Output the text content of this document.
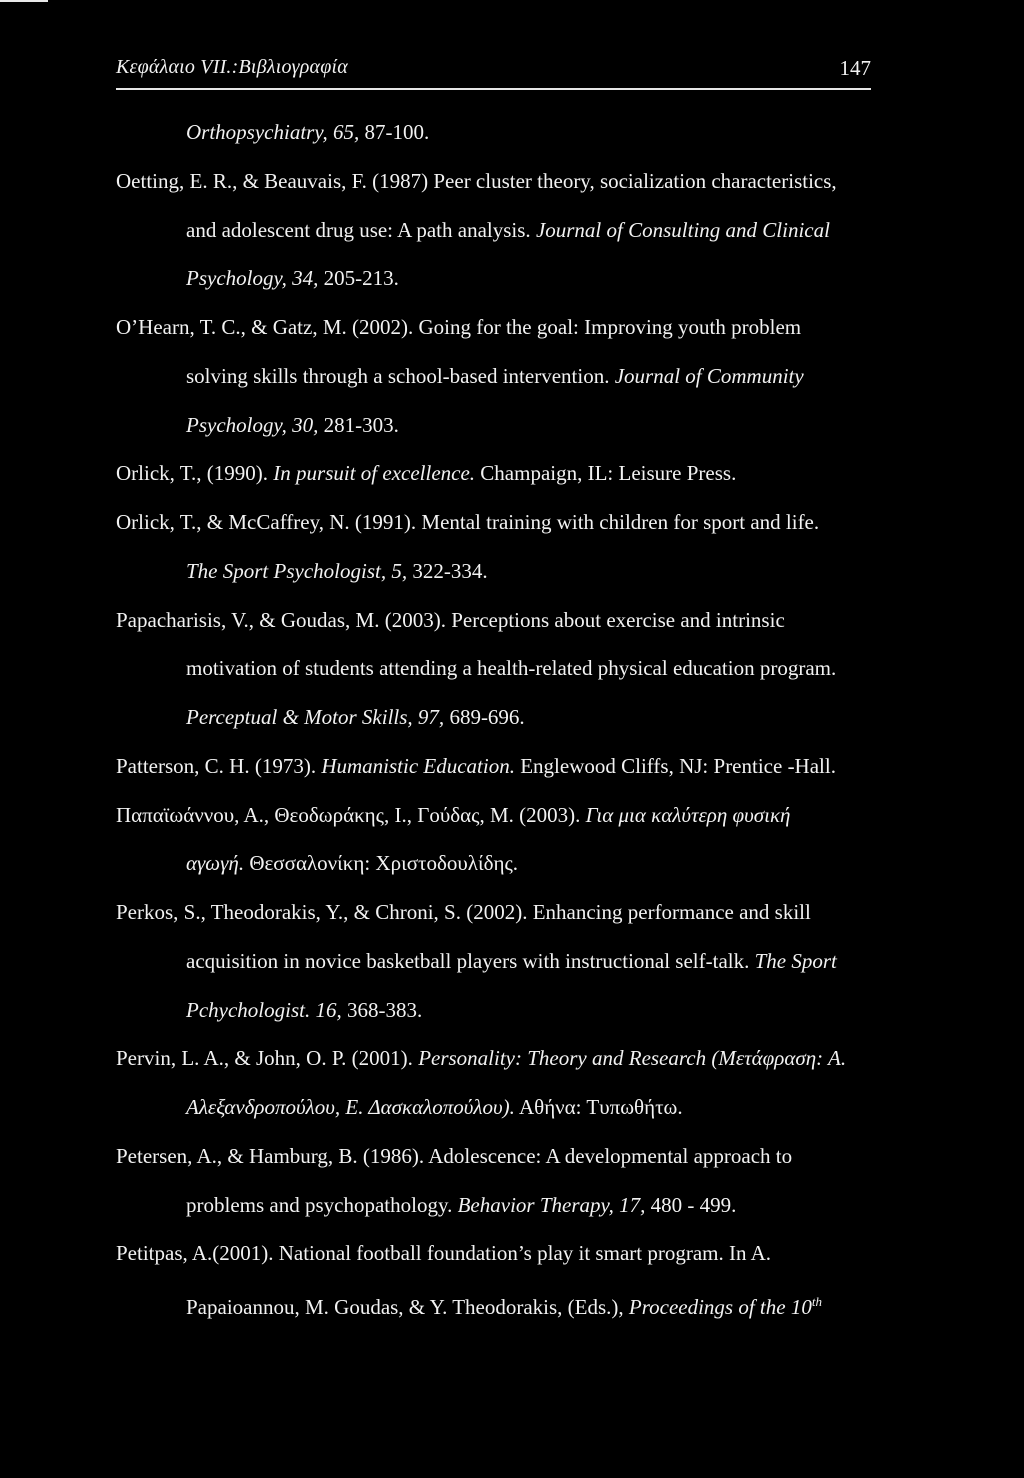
Κεφάλαιο VII.:Βιβλιογραφία	147
Orthopsychiatry, 65, 87-100.
Oetting, E. R., & Beauvais, F. (1987) Peer cluster theory, socialization characteristics,
and adolescent drug use: A path analysis. Journal of Consulting and Clinical
Psychology, 34, 205-213.
O’Hearn, T. C., & Gatz, M. (2002). Going for the goal: Improving youth problem
solving skills through a school-based intervention. Journal of Community
Psychology, 30, 281-303.
Orlick, T., (1990). In pursuit of excellence. Champaign, IL: Leisure Press.
Orlick, T., & McCaffrey, N. (1991). Mental training with children for sport and life.
The Sport Psychologist, 5, 322-334.
Papacharisis, V., & Goudas, M. (2003). Perceptions about exercise and intrinsic
motivation of students attending a health-related physical education program.
Perceptual & Motor Skills, 97, 689-696.
Patterson, C. H. (1973). Humanistic Education. Englewood Cliffs, NJ: Prentice -Hall.
Παπαϊωάννου, Α., Θεοδωράκης, Ι., Γούδας, Μ. (2003). Για μια καλύτερη φυσική
αγωγή. Θεσσαλονίκη: Χριστοδουλίδης.
Perkos, S., Theodorakis, Y., & Chroni, S. (2002). Enhancing performance and skill
acquisition in novice basketball players with instructional self-talk. The Sport
Pchychologist. 16, 368-383.
Pervin, L. A., & John, O. P. (2001). Personality: Theory and Research (Μετάφραση: Α.
Αλεξανδροπούλου, Ε. Δασκαλοπούλου). Αθήνα: Τυπωθήτω.
Petersen, A., & Hamburg, B. (1986). Adolescence: A developmental approach to
problems and psychopathology. Behavior Therapy, 17, 480 - 499.
Petitpas, A.(2001). National football foundation’s play it smart program. In A.
Papaioannou, M. Goudas, & Y. Theodorakis, (Eds.), Proceedings of the 10th
